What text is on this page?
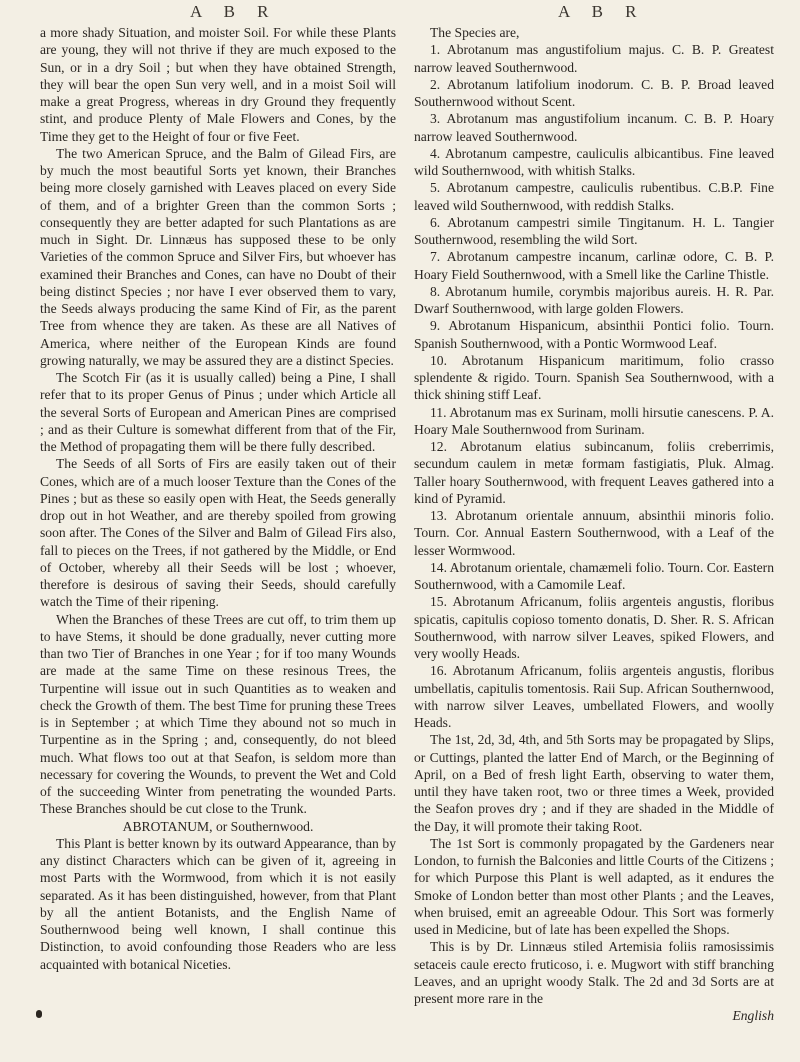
A B R	A B R

a more shady Situation, and moister Soil. For while these Plants are young, they will not thrive if they are much exposed to the Sun, or in a dry Soil ; but when they have obtained Strength, they will bear the open Sun very well, and in a moist Soil will make a great Progress, whereas in dry Ground they frequently stint, and produce Plenty of Male Flowers and Cones, by the Time they get to the Height of four or five Feet.

The two American Spruce, and the Balm of Gilead Firs, are by much the most beautiful Sorts yet known, their Branches being more closely garnished with Leaves placed on every Side of them, and of a brighter Green than the common Sorts ; consequently they are better adapted for such Plantations as are much in Sight. Dr. Linnæus has supposed these to be only Varieties of the common Spruce and Silver Firs, but whoever has examined their Branches and Cones, can have no Doubt of their being distinct Species ; nor have I ever observed them to vary, the Seeds always producing the same Kind of Fir, as the parent Tree from whence they are taken. As these are all Natives of America, where neither of the European Kinds are found growing naturally, we may be assured they are a distinct Species.

The Scotch Fir (as it is usually called) being a Pine, I shall refer that to its proper Genus of Pinus ; under which Article all the several Sorts of European and American Pines are comprised ; and as their Culture is somewhat different from that of the Fir, the Method of propagating them will be there fully described.

The Seeds of all Sorts of Firs are easily taken out of their Cones, which are of a much looser Texture than the Cones of the Pines ; but as these so easily open with Heat, the Seeds generally drop out in hot Weather, and are thereby spoiled from growing soon after. The Cones of the Silver and Balm of Gilead Firs also, fall to pieces on the Trees, if not gathered by the Middle, or End of October, whereby all their Seeds will be lost ; whoever, therefore is desirous of saving their Seeds, should carefully watch the Time of their ripening.

When the Branches of these Trees are cut off, to trim them up to have Stems, it should be done gradually, never cutting more than two Tier of Branches in one Year ; for if too many Wounds are made at the same Time on these resinous Trees, the Turpentine will issue out in such Quantities as to weaken and check the Growth of them. The best Time for pruning these Trees is in September ; at which Time they abound not so much in Turpentine as in the Spring ; and, consequently, do not bleed much. What flows too out at that Seafon, is seldom more than necessary for covering the Wounds, to prevent the Wet and Cold of the succeeding Winter from penetrating the wounded Parts. These Branches should be cut close to the Trunk.

ABROTANUM, or Southernwood.

This Plant is better known by its outward Appearance, than by any distinct Characters which can be given of it, agreeing in most Parts with the Wormwood, from which it is not easily separated. As it has been distinguished, however, from that Plant by all the antient Botanists, and the English Name of Southernwood being well known, I shall continue this Distinction, to avoid confounding those Readers who are less acquainted with botanical Niceties.

The Species are,

1. Abrotanum mas angustifolium majus. C. B. P. Greatest narrow leaved Southernwood.

2. Abrotanum latifolium inodorum. C. B. P. Broad leaved Southernwood without Scent.

3. Abrotanum mas angustifolium incanum. C. B. P. Hoary narrow leaved Southernwood.

4. Abrotanum campestre, cauliculis albicantibus. Fine leaved wild Southernwood, with whitish Stalks.

5. Abrotanum campestre, cauliculis rubentibus. C.B.P. Fine leaved wild Southernwood, with reddish Stalks.

6. Abrotanum campestri simile Tingitanum. H. L. Tangier Southernwood, resembling the wild Sort.

7. Abrotanum campestre incanum, carlinæ odore, C. B. P. Hoary Field Southernwood, with a Smell like the Carline Thistle.

8. Abrotanum humile, corymbis majoribus aureis. H. R. Par. Dwarf Southernwood, with large golden Flowers.

9. Abrotanum Hispanicum, absinthii Pontici folio. Tourn. Spanish Southernwood, with a Pontic Wormwood Leaf.

10. Abrotanum Hispanicum maritimum, folio crasso splendente & rigido. Tourn. Spanish Sea Southernwood, with a thick shining stiff Leaf.

11. Abrotanum mas ex Surinam, molli hirsutie canescens. P. A. Hoary Male Southernwood from Surinam.

12. Abrotanum elatius subincanum, foliis creberrimis, secundum caulem in metæ formam fastigiatis, Pluk. Almag. Taller hoary Southernwood, with frequent Leaves gathered into a kind of Pyramid.

13. Abrotanum orientale annuum, absinthii minoris folio. Tourn. Cor. Annual Eastern Southernwood, with a Leaf of the lesser Wormwood.

14. Abrotanum orientale, chamæmeli folio. Tourn. Cor. Eastern Southernwood, with a Camomile Leaf.

15. Abrotanum Africanum, foliis argenteis angustis, floribus spicatis, capitulis copioso tomento donatis, D. Sher. R. S. African Southernwood, with narrow silver Leaves, spiked Flowers, and very woolly Heads.

16. Abrotanum Africanum, foliis argenteis angustis, floribus umbellatis, capitulis tomentosis. Raii Sup. African Southernwood, with narrow silver Leaves, umbellated Flowers, and woolly Heads.

The 1st, 2d, 3d, 4th, and 5th Sorts may be propagated by Slips, or Cuttings, planted the latter End of March, or the Beginning of April, on a Bed of fresh light Earth, observing to water them, until they have taken root, two or three times a Week, provided the Seafon proves dry ; and if they are shaded in the Middle of the Day, it will promote their taking Root.

The 1st Sort is commonly propagated by the Gardeners near London, to furnish the Balconies and little Courts of the Citizens ; for which Purpose this Plant is well adapted, as it endures the Smoke of London better than most other Plants ; and the Leaves, when bruised, emit an agreeable Odour. This Sort was formerly used in Medicine, but of late has been expelled the Shops.

This is by Dr. Linnæus stiled Artemisia foliis ramosissimis setaceis caule erecto fruticoso, i. e. Mugwort with stiff branching Leaves, and an upright woody Stalk. The 2d and 3d Sorts are at present more rare in the

English
